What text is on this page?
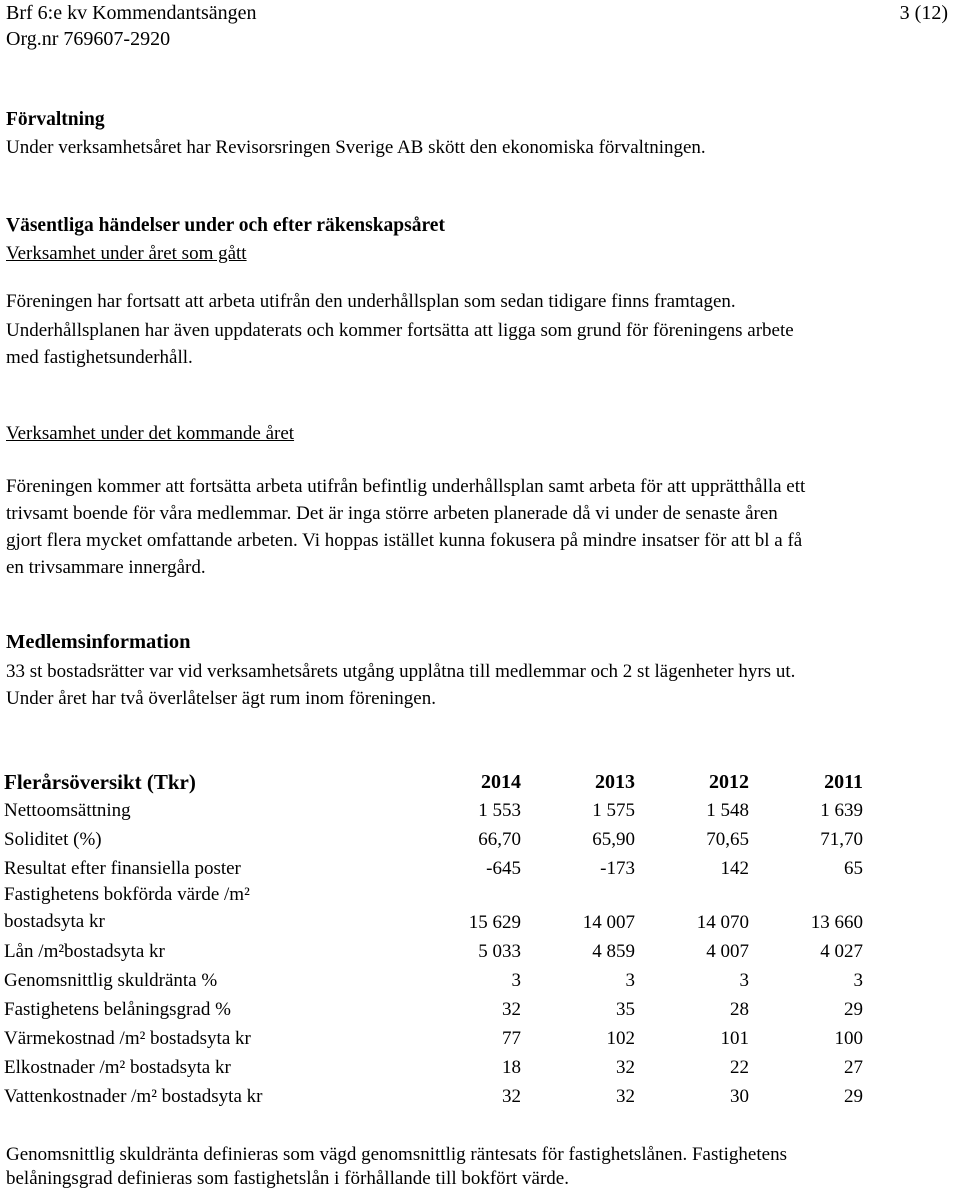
Brf 6:e kv Kommendantsängen
Org.nr 769607-2920
3 (12)
Förvaltning
Under verksamhetsåret har Revisorsringen Sverige AB skött den ekonomiska förvaltningen.
Väsentliga händelser under och efter räkenskapsåret
Verksamhet under året som gått
Föreningen har fortsatt att arbeta utifrån den underhållsplan som sedan tidigare finns framtagen.
Underhållsplanen har även uppdaterats och kommer fortsätta att ligga som grund för föreningens arbete
med fastighetsunderhåll.
Verksamhet under det kommande året
Föreningen kommer att fortsätta arbeta utifrån befintlig underhållsplan samt arbeta för att upprätthålla ett
trivsamt boende för våra medlemmar. Det är inga större arbeten planerade då vi under de senaste åren
gjort flera mycket omfattande arbeten. Vi hoppas istället kunna fokusera på mindre insatser för att bl a få
en trivsammare innergård.
Medlemsinformation
33 st bostadsrätter var vid verksamhetsårets utgång upplåtna till medlemmar och 2 st lägenheter hyrs ut.
Under året har två överlåtelser ägt rum inom föreningen.
Flerårsöversikt (Tkr)	2014	2013	2012	2011
Nettoomsättning	1 553	1 575	1 548	1 639
Soliditet (%)	66,70	65,90	70,65	71,70
Resultat efter finansiella poster	-645	-173	142	65

Fastighetens bokförda värde /m²
bostadsyta kr	15 629	14 007	14 070	13 660
Lån /m²bostadsyta kr	5 033	4 859	4 007	4 027
Genomsnittlig skuldränta %	3	3	3	3
Fastighetens belåningsgrad %	32	35	28	29
Värmekostnad /m² bostadsyta kr	77	102	101	100
Elkostnader /m² bostadsyta kr	18	32	22	27
Vattenkostnader /m² bostadsyta kr	32	32	30	29
Genomsnittlig skuldränta definieras som vägd genomsnittlig räntesats för fastighetslånen. Fastighetens
belåningsgrad definieras som fastighetslån i förhållande till bokfört värde.
